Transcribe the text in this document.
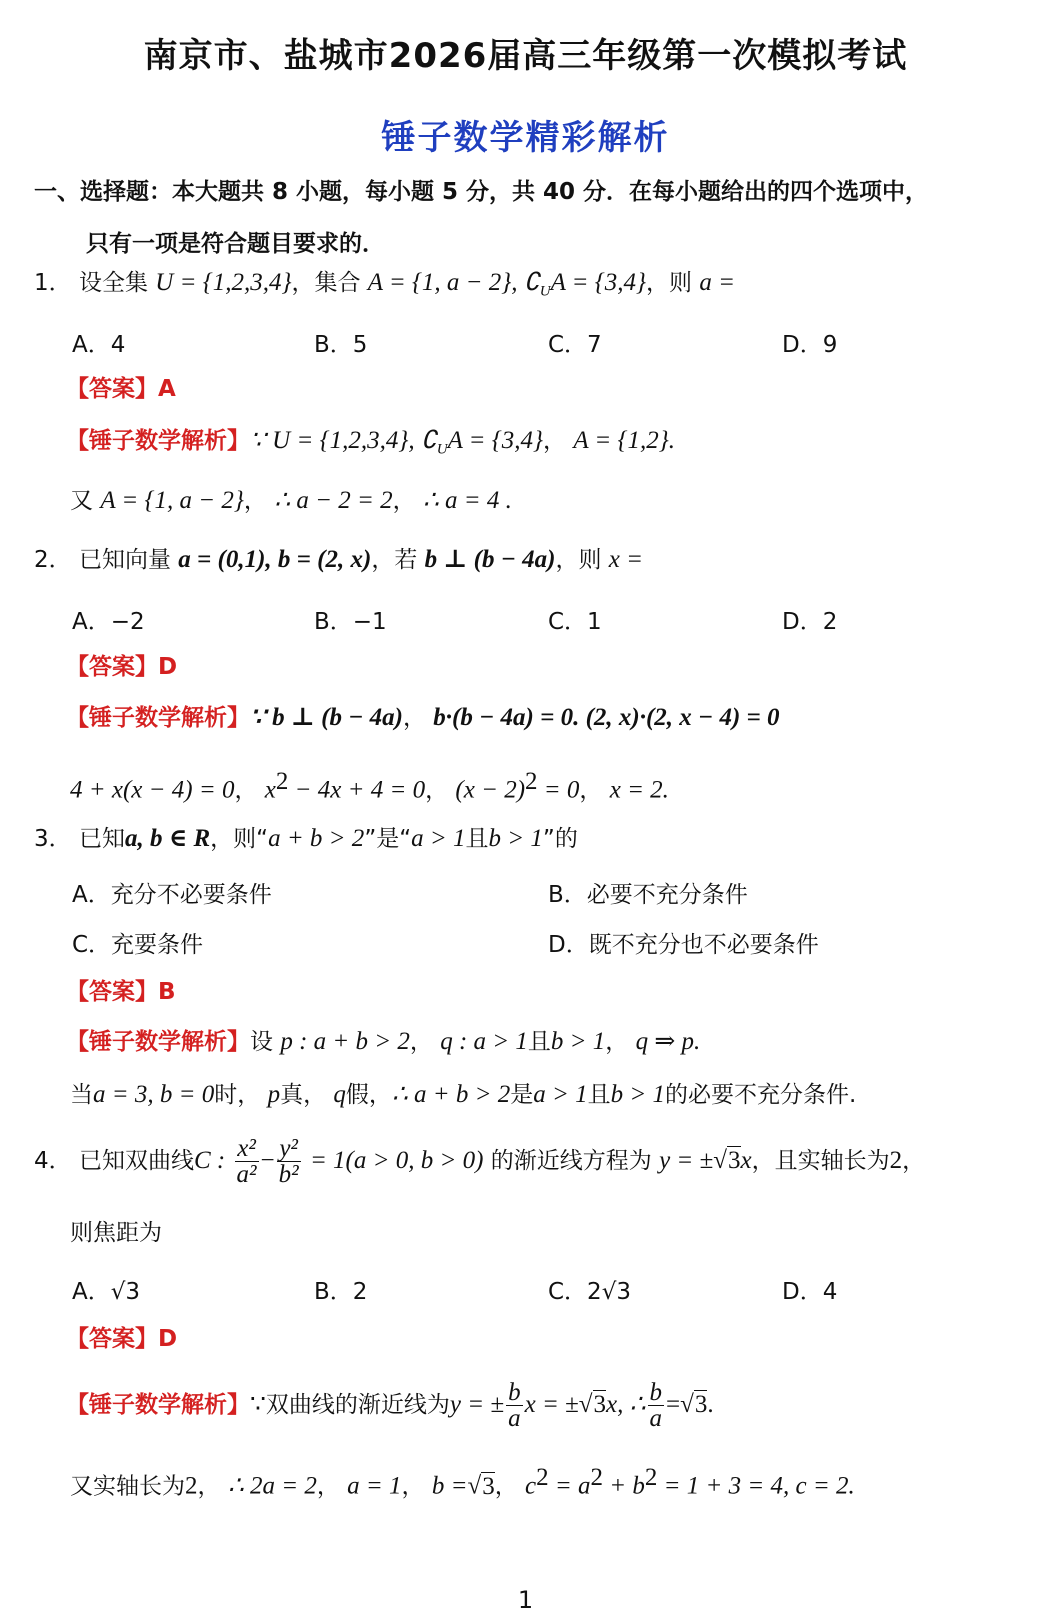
南京市、盐城市2026届高三年级第一次模拟考试
锤子数学精彩解析
一、选择题：本大题共 8 小题，每小题 5 分，共 40 分．在每小题给出的四个选项中，
只有一项是符合题目要求的．
1． 设全集 U = {1,2,3,4}，集合 A = {1, a − 2}, $∁_UA = \{3,4\}$，则 a =
A．4	B．5	C．7	D．9
【答案】A
【锤子数学解析】∵ U = {1,2,3,4}, $∁_UA = \{3,4\}$， A = {1,2}.
又 A = {1, a − 2}， ∴ a − 2 = 2， ∴ a = 4 .
2． 已知向量 a = (0,1), b = (2, x)，若 b ⊥ (b − 4a)，则 x =
A．−2	B．−1	C．1	D．2
【答案】D
【锤子数学解析】∵ b ⊥ (b − 4a)， b·(b − 4a) = 0. (2, x)·(2, x − 4) = 0
4 + x(x − 4) = 0， $x^2 - 4x + 4 = 0$， $(x - 2)^2 = 0$， x = 2.
3． 已知a, b ∈ R，则“a + b > 2”是“a > 1且b > 1”的
A．充分不必要条件	B．必要不充分条件
C．充要条件	D．既不充分也不必要条件
【答案】B
【锤子数学解析】设 p : a + b > 2， q : a > 1且b > 1， q ⇒ p.
当a = 3, b = 0时， p真， q假，∴ a + b > 2是a > 1且b > 1的必要不充分条件.
4． 已知双曲线C : $\frac{\text{x²}}{\text{a²}} - \frac{\text{y²}}{\text{b²}} = 1(a > 0$, b > 0) 的渐近线方程为 y = ±√3x，且实轴长为2，
则焦距为
A．√3	B．2	C．2√3	D．4
【答案】D
【锤子数学解析】∵双曲线的渐近线为y = ± $\frac{b}{a}$ x = ±√3x, ∴ $\frac{b}{a} =√3$.
又实轴长为2， ∴ 2a = 2， a = 1， b =√3， $c^2 = a^2 + b^2 = 1 + 3 = 4$, c = 2.
1
